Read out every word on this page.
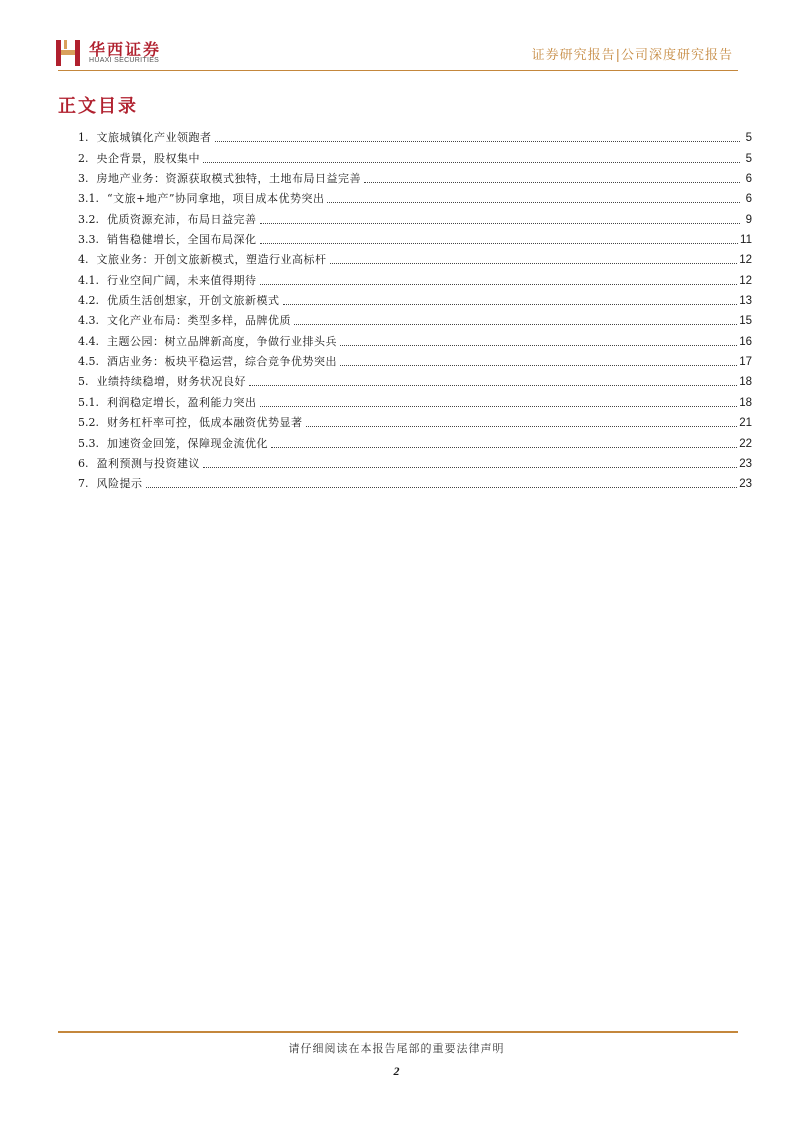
华西证券
HUAXI SECURITIES	证券研究报告|公司深度研究报告
正文目录
1. 文旅城镇化产业领跑者	5
2. 央企背景，股权集中	5
3. 房地产业务：资源获取模式独特，土地布局日益完善	6
3.1. “文旅+地产”协同拿地，项目成本优势突出	6
3.2. 优质资源充沛，布局日益完善	9
3.3. 销售稳健增长，全国布局深化	11
4. 文旅业务：开创文旅新模式，塑造行业高标杆	12
4.1. 行业空间广阔，未来值得期待	12
4.2. 优质生活创想家，开创文旅新模式	13
4.3. 文化产业布局：类型多样，品牌优质	15
4.4. 主题公园：树立品牌新高度，争做行业排头兵	16
4.5. 酒店业务：板块平稳运营，综合竞争优势突出	17
5. 业绩持续稳增，财务状况良好	18
5.1. 利润稳定增长，盈利能力突出	18
5.2. 财务杠杆率可控，低成本融资优势显著	21
5.3. 加速资金回笼，保障现金流优化	22
6. 盈利预测与投资建议	23
7. 风险提示	23
请仔细阅读在本报告尾部的重要法律声明
2
